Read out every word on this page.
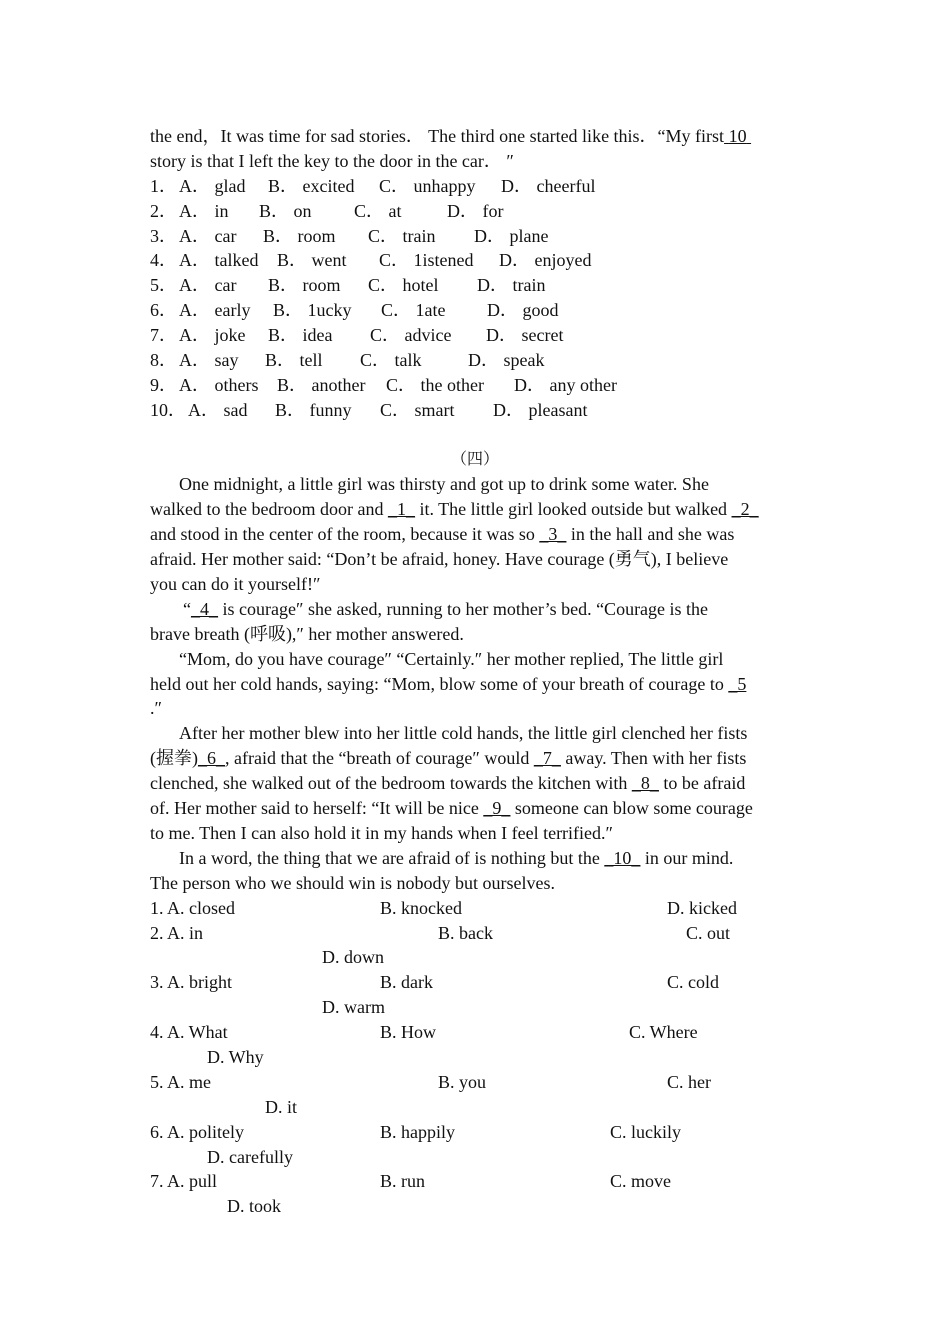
the end，It was time for sad stories． The third one started like this．“My first 10
story is that I left the key to the door in the car． ″
1． A． glad B． excited C． unhappy D． cheerful
2． A． in B． on C． at	D． for
3． A． car B． room C． train D． plane
4． A． talked B． went C． 1istened D． enjoyed
5． A． car B． room C． hotel D． train
6． A． early B． 1ucky C． 1ate D． good
7． A． joke B． idea C． advice D． secret
8． A． say B． tell C． talk	D． speak
9． A． others B． another C． the other D． any other
10． A． sad B． funny C． smart D． pleasant
（四）
One midnight, a little girl was thirsty and got up to drink some water. She
walked to the bedroom door and _1_ it. The little girl looked outside but walked _2_
and stood in the center of the room, because it was so _3_ in the hall and she was
afraid. Her mother said: “Don’t be afraid, honey. Have courage (勇气), I believe
you can do it yourself!″
“_4_ is courage″ she asked, running to her mother’s bed. “Courage is the
brave breath (呼吸),″ her mother answered.
“Mom, do you have courage″ “Certainly.″ her mother replied, The little girl
held out her cold hands, saying: “Mom, blow some of your breath of courage to _5
.″
After her mother blew into her little cold hands, the little girl clenched her fists
(握拳)_6_, afraid that the “breath of courage″ would _7_ away. Then with her fists
clenched, she walked out of the bedroom towards the kitchen with _8_ to be afraid
of. Her mother said to herself: “It will be nice _9_ someone can blow some courage
to me. Then I can also hold it in my hands when I feel terrified.″
In a word, the thing that we are afraid of is nothing but the _10_ in our mind.
The person who we should win is nobody but ourselves.
1. A. closed	B. knocked	D. kicked
2. A. in	B. back	C. out
D. down
3. A. bright	B. dark	C. cold
D. warm
4. A. What	B. How	C. Where
D. Why
5. A. me	B. you	C. her
D. it
6. A. politely	B. happily	C. luckily
D. carefully
7. A. pull	B. run	C. move
D. took
